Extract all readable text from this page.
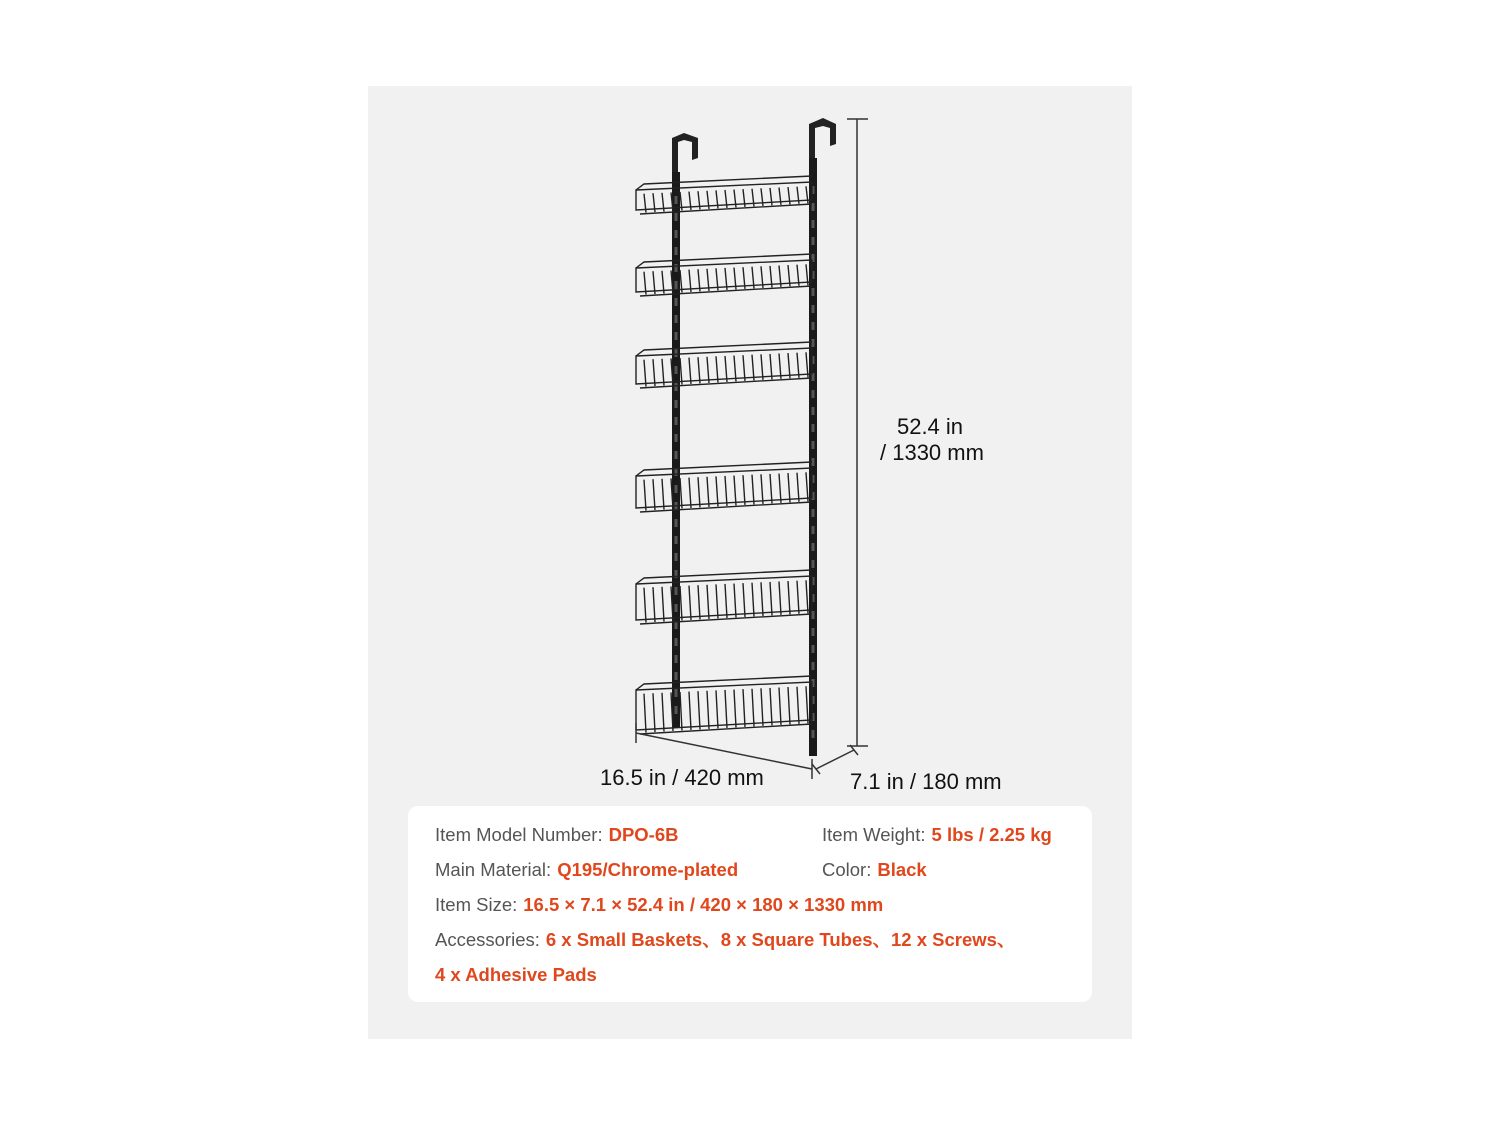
52.4 in
/ 1330 mm
16.5 in / 420 mm	7.1 in / 180 mm
Item Model Number: DPO-6B	Item Weight: 5 lbs / 2.25 kg
Main Material: Q195/Chrome-plated	Color: Black
Item Size: 16.5 × 7.1 × 52.4 in / 420 × 180 × 1330 mm
Accessories: 6 x Small Baskets、8 x Square Tubes、12 x Screws、
4 x Adhesive Pads
